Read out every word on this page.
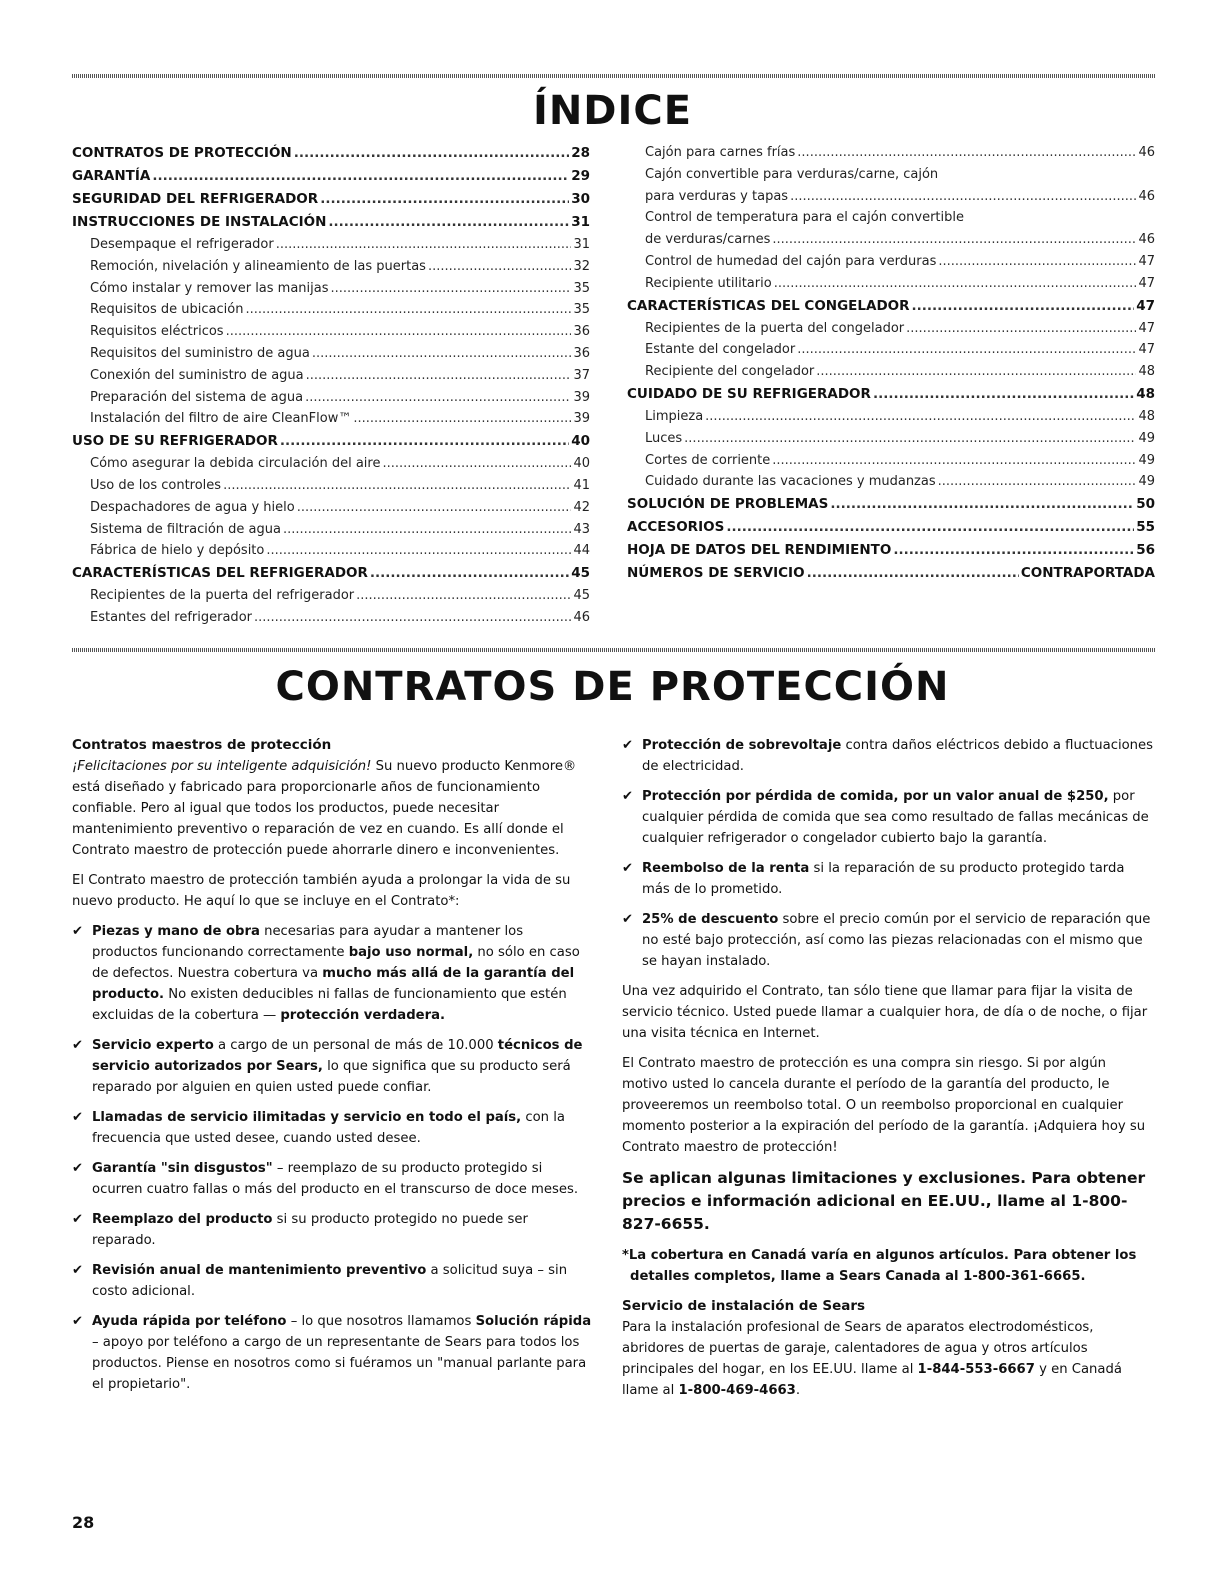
ÍNDICE
CONTRATOS DE PROTECCIÓN .....	28
GARANTÍA .....	29
SEGURIDAD DEL REFRIGERADOR .....	30
INSTRUCCIONES DE INSTALACIÓN .....	31
Desempaque el refrigerador .....	31
Remoción, nivelación y alineamiento de las puertas .....	32
Cómo instalar y remover las manijas .....	35
Requisitos de ubicación .....	35
Requisitos eléctricos .....	36
Requisitos del suministro de agua .....	36
Conexión del suministro de agua .....	37
Preparación del sistema de agua .....	39
Instalación del filtro de aire CleanFlow™ .....	39
USO DE SU REFRIGERADOR .....	40
Cómo asegurar la debida circulación del aire .....	40
Uso de los controles .....	41
Despachadores de agua y hielo .....	42
Sistema de filtración de agua .....	43
Fábrica de hielo y depósito .....	44
CARACTERÍSTICAS DEL REFRIGERADOR .....	45
Recipientes de la puerta del refrigerador .....	45
Estantes del refrigerador .....	46
Cajón para carnes frías .....	46
Cajón convertible para verduras/carne, cajón
para verduras y tapas .....	46
Control de temperatura para el cajón convertible
de verduras/carnes .....	46
Control de humedad del cajón para verduras .....	47
Recipiente utilitario .....	47
CARACTERÍSTICAS DEL CONGELADOR .....	47
Recipientes de la puerta del congelador .....	47
Estante del congelador .....	47
Recipiente del congelador .....	48
CUIDADO DE SU REFRIGERADOR .....	48
Limpieza .....	48
Luces .....	49
Cortes de corriente .....	49
Cuidado durante las vacaciones y mudanzas .....	49
SOLUCIÓN DE PROBLEMAS .....	50
ACCESORIOS .....	55
HOJA DE DATOS DEL RENDIMIENTO .....	56
NÚMEROS DE SERVICIO .....	CONTRAPORTADA
CONTRATOS DE PROTECCIÓN
Contratos maestros de protección

¡Felicitaciones por su inteligente adquisición! Su nuevo producto Kenmore® está diseñado y fabricado para proporcionarle años de funcionamiento confiable. Pero al igual que todos los productos, puede necesitar mantenimiento preventivo o reparación de vez en cuando. Es allí donde el Contrato maestro de protección puede ahorrarle dinero e inconvenientes.

El Contrato maestro de protección también ayuda a prolongar la vida de su nuevo producto. He aquí lo que se incluye en el Contrato*:

✔ Piezas y mano de obra necesarias para ayudar a mantener los productos funcionando correctamente bajo uso normal, no sólo en caso de defectos. Nuestra cobertura va mucho más allá de la garantía del producto. No existen deducibles ni fallas de funcionamiento que estén excluidas de la cobertura — protección verdadera.

✔ Servicio experto a cargo de un personal de más de 10.000 técnicos de servicio autorizados por Sears, lo que significa que su producto será reparado por alguien en quien usted puede confiar.

✔ Llamadas de servicio ilimitadas y servicio en todo el país, con la frecuencia que usted desee, cuando usted desee.

✔ Garantía "sin disgustos" – reemplazo de su producto protegido si ocurren cuatro fallas o más del producto en el transcurso de doce meses.

✔ Reemplazo del producto si su producto protegido no puede ser reparado.

✔ Revisión anual de mantenimiento preventivo a solicitud suya – sin costo adicional.

✔ Ayuda rápida por teléfono – lo que nosotros llamamos Solución rápida – apoyo por teléfono a cargo de un representante de Sears para todos los productos. Piense en nosotros como si fuéramos un "manual parlante para el propietario".

✔ Protección de sobrevoltaje contra daños eléctricos debido a fluctuaciones de electricidad.

✔ Protección por pérdida de comida, por un valor anual de $250, por cualquier pérdida de comida que sea como resultado de fallas mecánicas de cualquier refrigerador o congelador cubierto bajo la garantía.

✔ Reembolso de la renta si la reparación de su producto protegido tarda más de lo prometido.

✔ 25% de descuento sobre el precio común por el servicio de reparación que no esté bajo protección, así como las piezas relacionadas con el mismo que se hayan instalado.

Una vez adquirido el Contrato, tan sólo tiene que llamar para fijar la visita de servicio técnico. Usted puede llamar a cualquier hora, de día o de noche, o fijar una visita técnica en Internet.

El Contrato maestro de protección es una compra sin riesgo. Si por algún motivo usted lo cancela durante el período de la garantía del producto, le proveeremos un reembolso total. O un reembolso proporcional en cualquier momento posterior a la expiración del período de la garantía. ¡Adquiera hoy su Contrato maestro de protección!

Se aplican algunas limitaciones y exclusiones. Para obtener precios e información adicional en EE.UU., llame al 1-800-827-6655.

*La cobertura en Canadá varía en algunos artículos. Para obtener los detalles completos, llame a Sears Canada al 1-800-361-6665.

Servicio de instalación de Sears

Para la instalación profesional de Sears de aparatos electrodomésticos, abridores de puertas de garaje, calentadores de agua y otros artículos principales del hogar, en los EE.UU. llame al 1-844-553-6667 y en Canadá llame al 1-800-469-4663.

28
